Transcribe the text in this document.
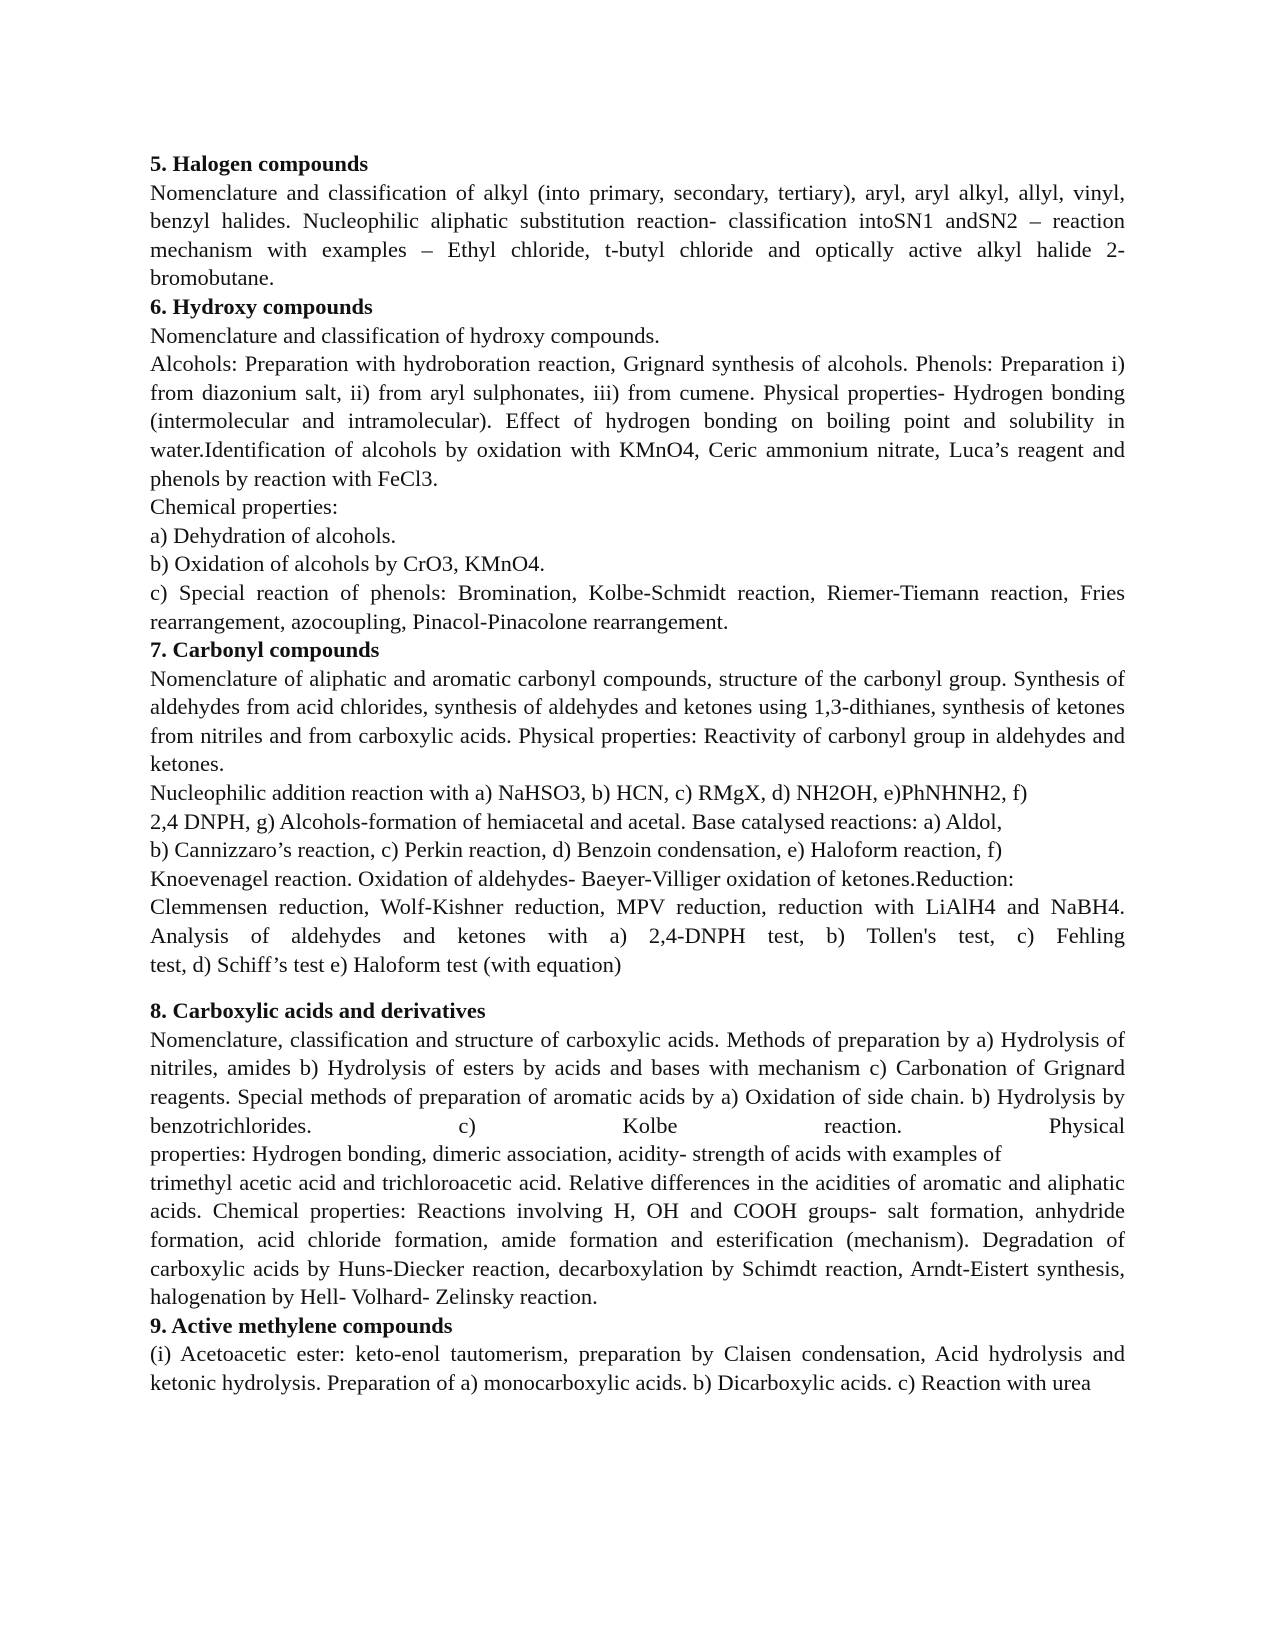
5. Halogen compounds

Nomenclature and classification of alkyl (into primary, secondary, tertiary), aryl, aryl alkyl, allyl, vinyl, benzyl halides. Nucleophilic aliphatic substitution reaction- classification intoSN1 andSN2 – reaction mechanism with examples – Ethyl chloride, t-butyl chloride and optically active alkyl halide 2- bromobutane.

6. Hydroxy compounds

Nomenclature and classification of hydroxy compounds.

Alcohols: Preparation with hydroboration reaction, Grignard synthesis of alcohols. Phenols: Preparation i) from diazonium salt, ii) from aryl sulphonates, iii) from cumene. Physical properties- Hydrogen bonding (intermolecular and intramolecular). Effect of hydrogen bonding on boiling point and solubility in water.Identification of alcohols by oxidation with KMnO4, Ceric ammonium nitrate, Luca’s reagent and phenols by reaction with FeCl3.

Chemical properties:

a) Dehydration of alcohols.

b) Oxidation of alcohols by CrO3, KMnO4.

c) Special reaction of phenols: Bromination, Kolbe-Schmidt reaction, Riemer-Tiemann reaction, Fries rearrangement, azocoupling, Pinacol-Pinacolone rearrangement.

7. Carbonyl compounds

Nomenclature of aliphatic and aromatic carbonyl compounds, structure of the carbonyl group. Synthesis of aldehydes from acid chlorides, synthesis of aldehydes and ketones using 1,3-dithianes, synthesis of ketones from nitriles and from carboxylic acids. Physical properties: Reactivity of carbonyl group in aldehydes and ketones.

Nucleophilic addition reaction with a) NaHSO3, b) HCN, c) RMgX, d) NH2OH, e)PhNHNH2, f)

2,4 DNPH, g) Alcohols-formation of hemiacetal and acetal. Base catalysed reactions: a) Aldol,

b) Cannizzaro’s reaction, c) Perkin reaction, d) Benzoin condensation, e) Haloform reaction, f)

Knoevenagel reaction. Oxidation of aldehydes- Baeyer-Villiger oxidation of ketones.Reduction:

Clemmensen reduction, Wolf-Kishner reduction, MPV reduction, reduction with LiAlH4 and NaBH4. Analysis of aldehydes and ketones with a) 2,4-DNPH test, b) Tollen's test, c) Fehling

test, d) Schiff’s test e) Haloform test (with equation)

8. Carboxylic acids and derivatives

Nomenclature, classification and structure of carboxylic acids. Methods of preparation by a) Hydrolysis of nitriles, amides b) Hydrolysis of esters by acids and bases with mechanism c) Carbonation of Grignard reagents. Special methods of preparation of aromatic acids by a) Oxidation of side chain. b) Hydrolysis by benzotrichlorides. c) Kolbe reaction. Physical

properties: Hydrogen bonding, dimeric association, acidity- strength of acids with examples of

trimethyl acetic acid and trichloroacetic acid. Relative differences in the acidities of aromatic and aliphatic acids. Chemical properties: Reactions involving H, OH and COOH groups- salt formation, anhydride formation, acid chloride formation, amide formation and esterification (mechanism). Degradation of carboxylic acids by Huns-Diecker reaction, decarboxylation by Schimdt reaction, Arndt-Eistert synthesis, halogenation by Hell- Volhard- Zelinsky reaction.

9. Active methylene compounds

(i) Acetoacetic ester: keto-enol tautomerism, preparation by Claisen condensation, Acid hydrolysis and ketonic hydrolysis. Preparation of a) monocarboxylic acids. b) Dicarboxylic acids. c) Reaction with urea
